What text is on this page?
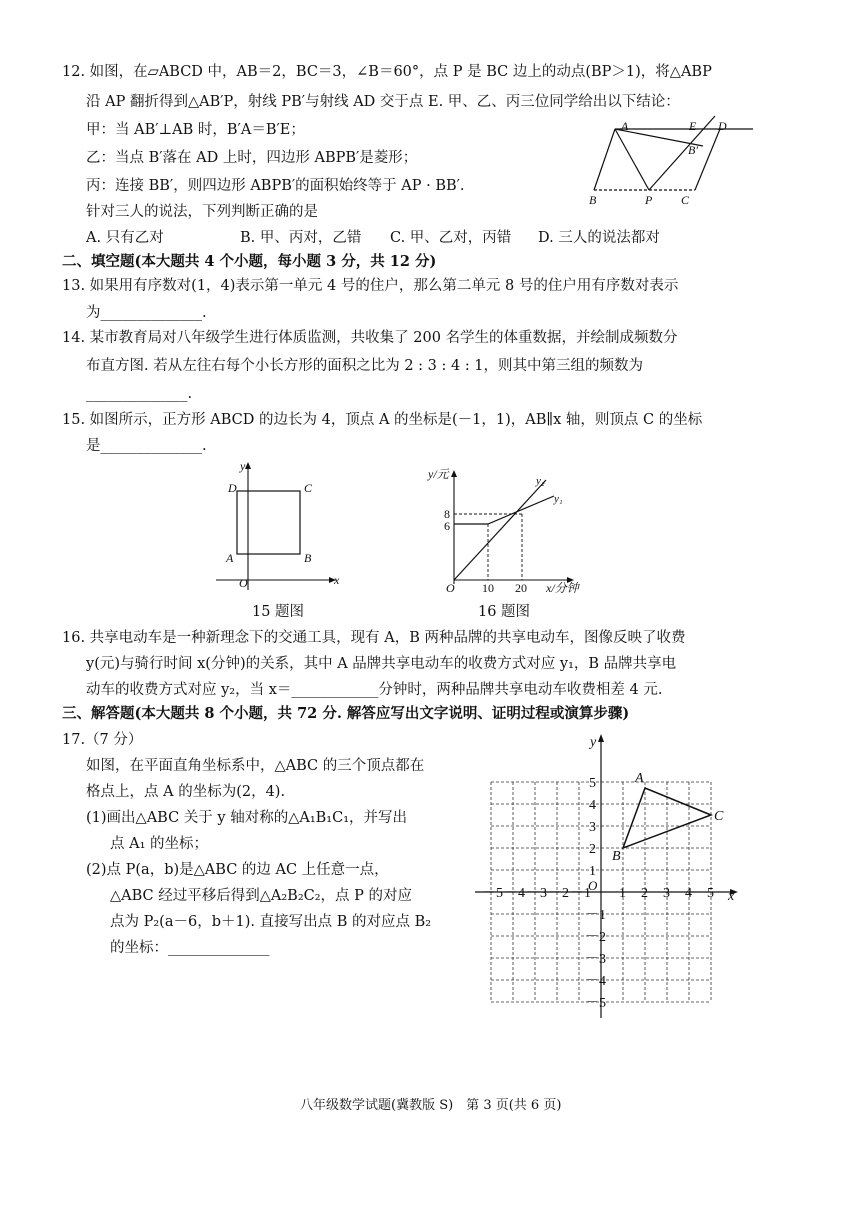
12. 如图，在▱ABCD 中，AB＝2，BC＝3，∠B＝60°，点 P 是 BC 边上的动点(BP＞1)，将△ABP
沿 AP 翻折得到△AB′P，射线 PB′与射线 AD 交于点 E. 甲、乙、丙三位同学给出以下结论：
甲：当 AB′⊥AB 时，B′A＝B′E；
乙：当点 B′落在 AD 上时，四边形 ABPB′是菱形；
丙：连接 BB′，则四边形 ABPB′的面积始终等于 AP · BB′.
针对三人的说法，下列判断正确的是
A. 只有乙对	B. 甲、丙对，乙错 C. 甲、乙对，丙错 D. 三人的说法都对
A	E D
B′
B	P C
二、填空题(本大题共 4 个小题，每小题 3 分，共 12 分)
13. 如果用有序数对(1，4)表示第一单元 4 号的住户，那么第二单元 8 号的住户用有序数对表示
为______________.
14. 某市教育局对八年级学生进行体质监测，共收集了 200 名学生的体重数据，并绘制成频数分
布直方图. 若从左往右每个小长方形的面积之比为 2 : 3 : 4 : 1，则其中第三组的频数为
______________.
15. 如图所示，正方形 ABCD 的边长为 4，顶点 A 的坐标是(－1，1)，AB∥x 轴，则顶点 C 的坐标
是______________.
y
x
O
D	C
A	B
15 题图
y/元	y₂
y₁
8
6
O 10 20 x/分钟
16 题图
16. 共享电动车是一种新理念下的交通工具，现有 A，B 两种品牌的共享电动车，图像反映了收费
y(元)与骑行时间 x(分钟)的关系，其中 A 品牌共享电动车的收费方式对应 y₁，B 品牌共享电
动车的收费方式对应 y₂，当 x＝____________分钟时，两种品牌共享电动车收费相差 4 元.
三、解答题(本大题共 8 个小题，共 72 分. 解答应写出文字说明、证明过程或演算步骤)
17.（7 分）
如图，在平面直角坐标系中，△ABC 的三个顶点都在
格点上，点 A 的坐标为(2，4).
(1)画出△ABC 关于 y 轴对称的△A₁B₁C₁，并写出
点 A₁ 的坐标；
(2)点 P(a，b)是△ABC 的边 AC 上任意一点，
△ABC 经过平移后得到△A₂B₂C₂，点 P 的对应
点为 P₂(a－6，b＋1). 直接写出点 B 的对应点 B₂
的坐标：______________
y
x
O
A
B
C
－5 －4 －3 －2 －1 1 2 3 4 5
5
4
3
2
1
－1
－2
－3
－4
－5
八年级数学试题(冀教版 S)　第 3 页(共 6 页)
